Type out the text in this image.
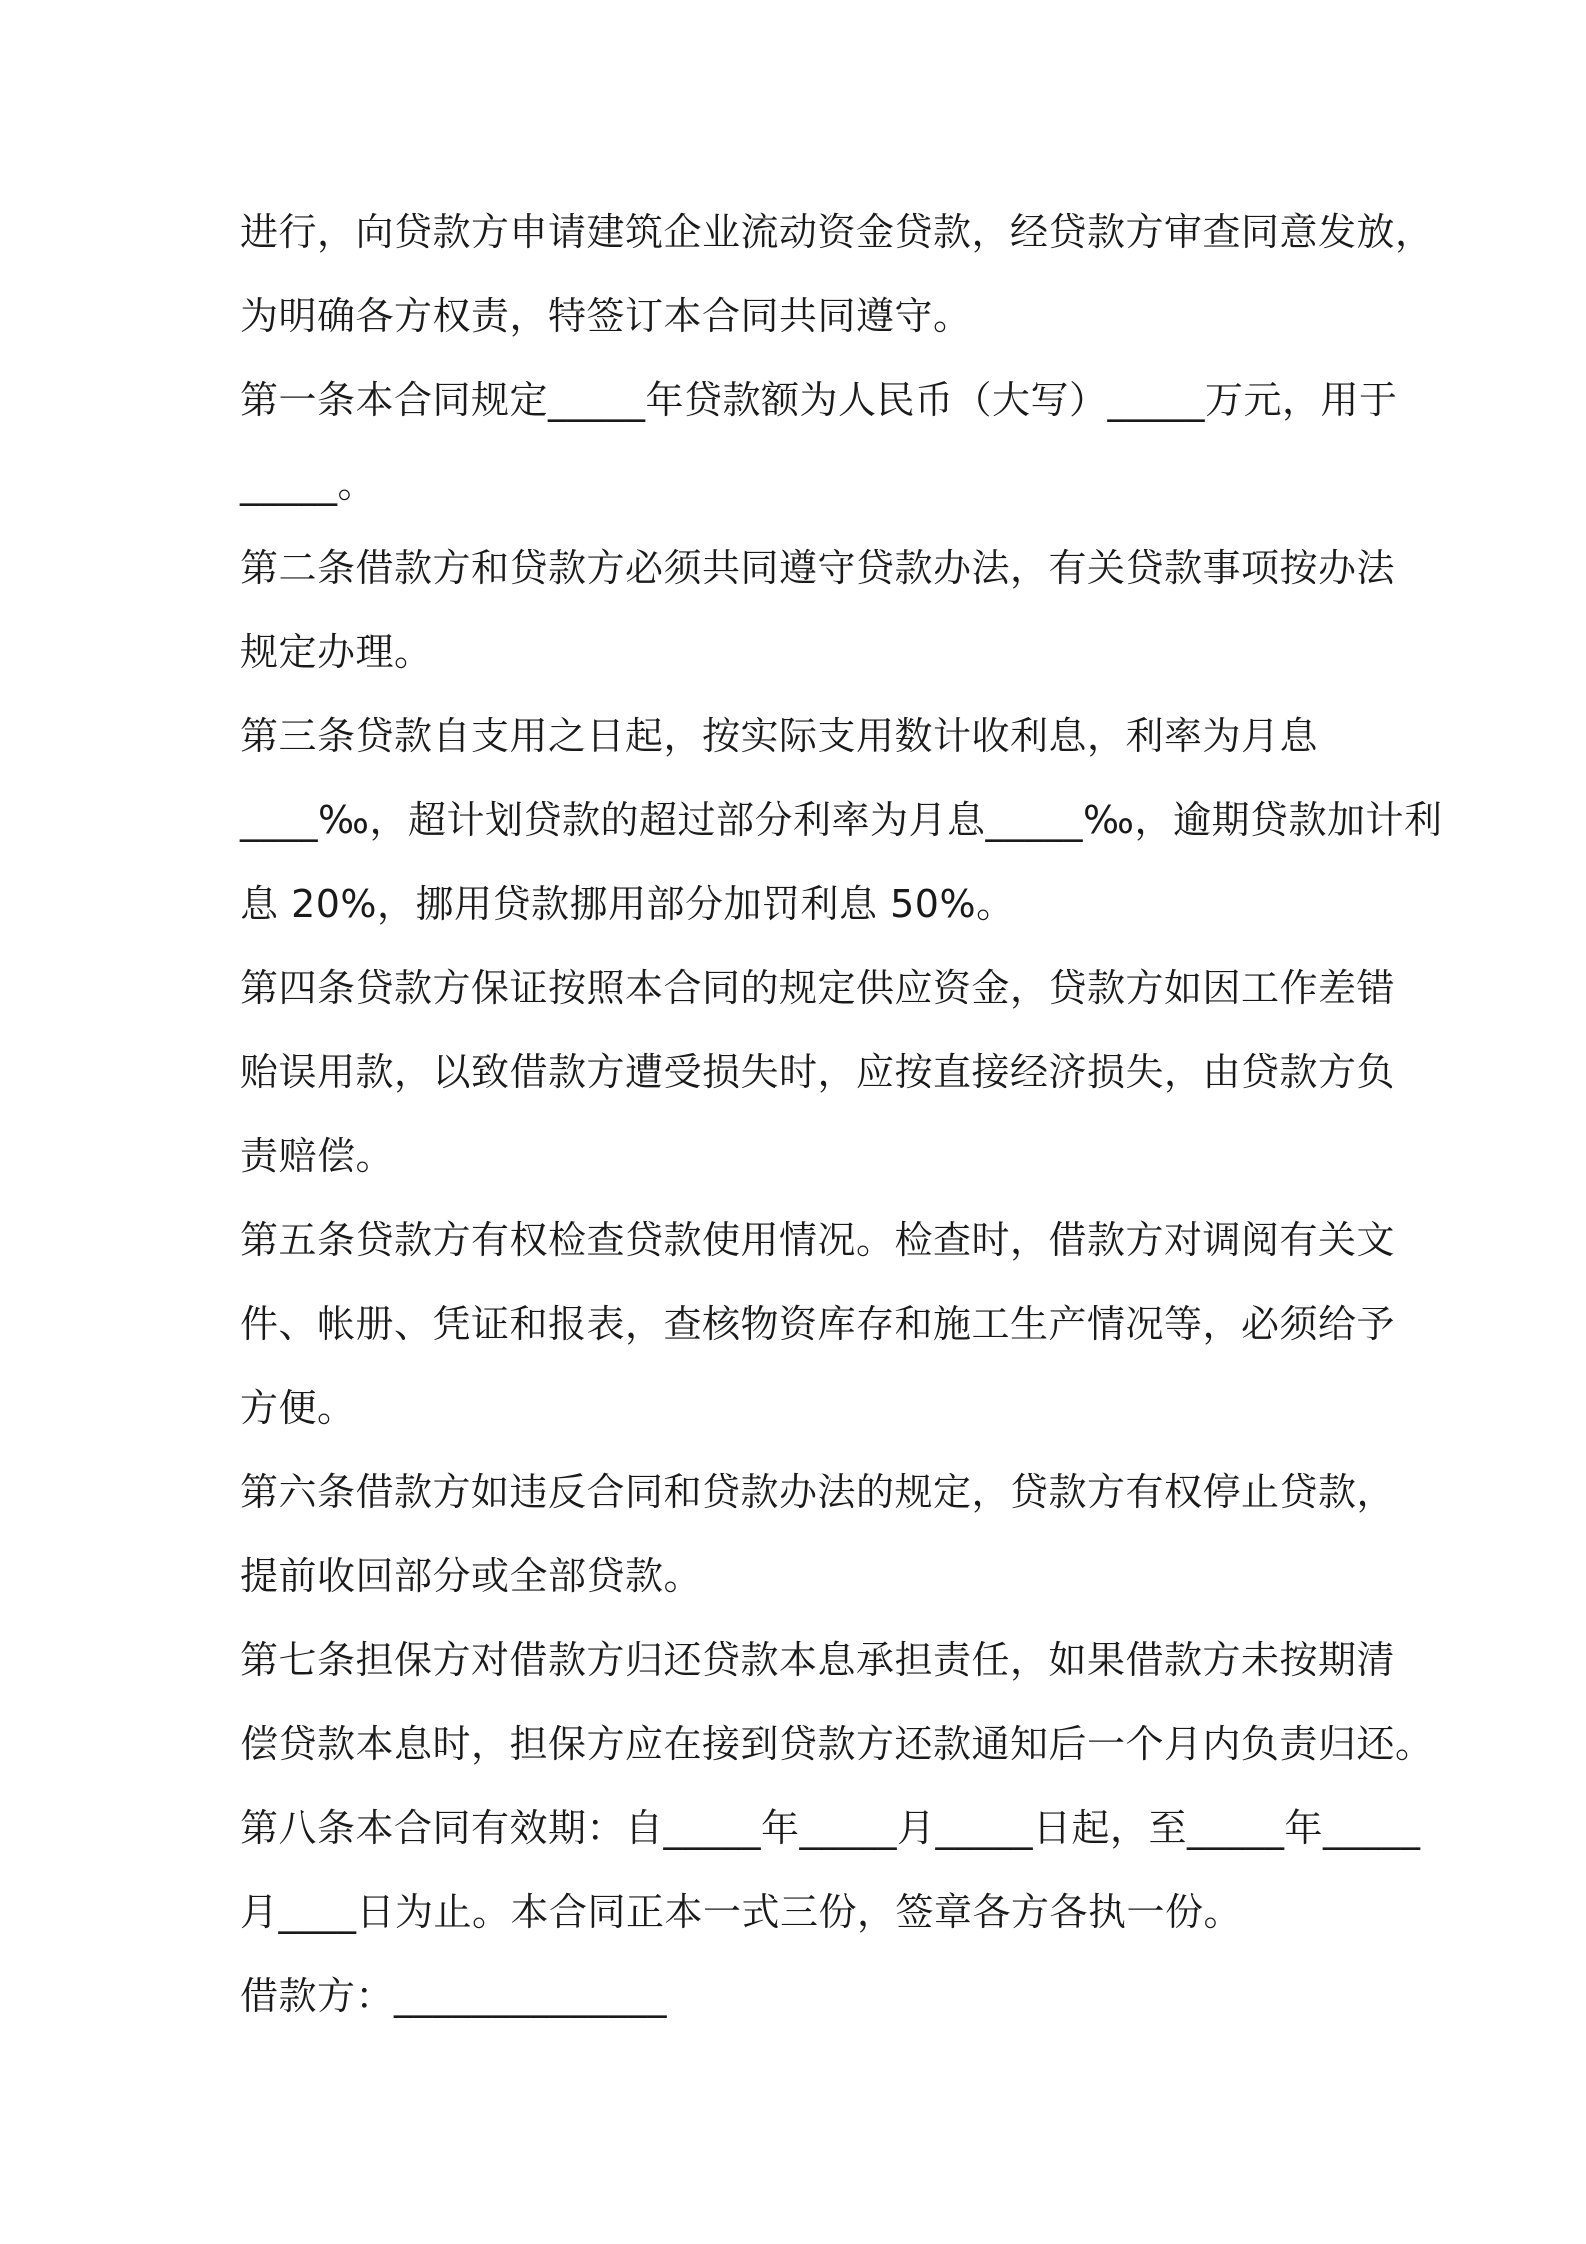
进行，向贷款方申请建筑企业流动资金贷款，经贷款方审查同意发放，
为明确各方权责，特签订本合同共同遵守。
第一条本合同规定_____年贷款额为人民币（大写）_____万元，用于
_____。
第二条借款方和贷款方必须共同遵守贷款办法，有关贷款事项按办法
规定办理。
第三条贷款自支用之日起，按实际支用数计收利息，利率为月息
____‰，超计划贷款的超过部分利率为月息_____‰，逾期贷款加计利
息 20%，挪用贷款挪用部分加罚利息 50%。
第四条贷款方保证按照本合同的规定供应资金，贷款方如因工作差错
贻误用款，以致借款方遭受损失时，应按直接经济损失，由贷款方负
责赔偿。
第五条贷款方有权检查贷款使用情况。检查时，借款方对调阅有关文
件、帐册、凭证和报表，查核物资库存和施工生产情况等，必须给予
方便。
第六条借款方如违反合同和贷款办法的规定，贷款方有权停止贷款，
提前收回部分或全部贷款。
第七条担保方对借款方归还贷款本息承担责任，如果借款方未按期清
偿贷款本息时，担保方应在接到贷款方还款通知后一个月内负责归还。
第八条本合同有效期：自_____年_____月_____日起，至_____年_____
月____日为止。本合同正本一式三份，签章各方各执一份。
借款方：______________
